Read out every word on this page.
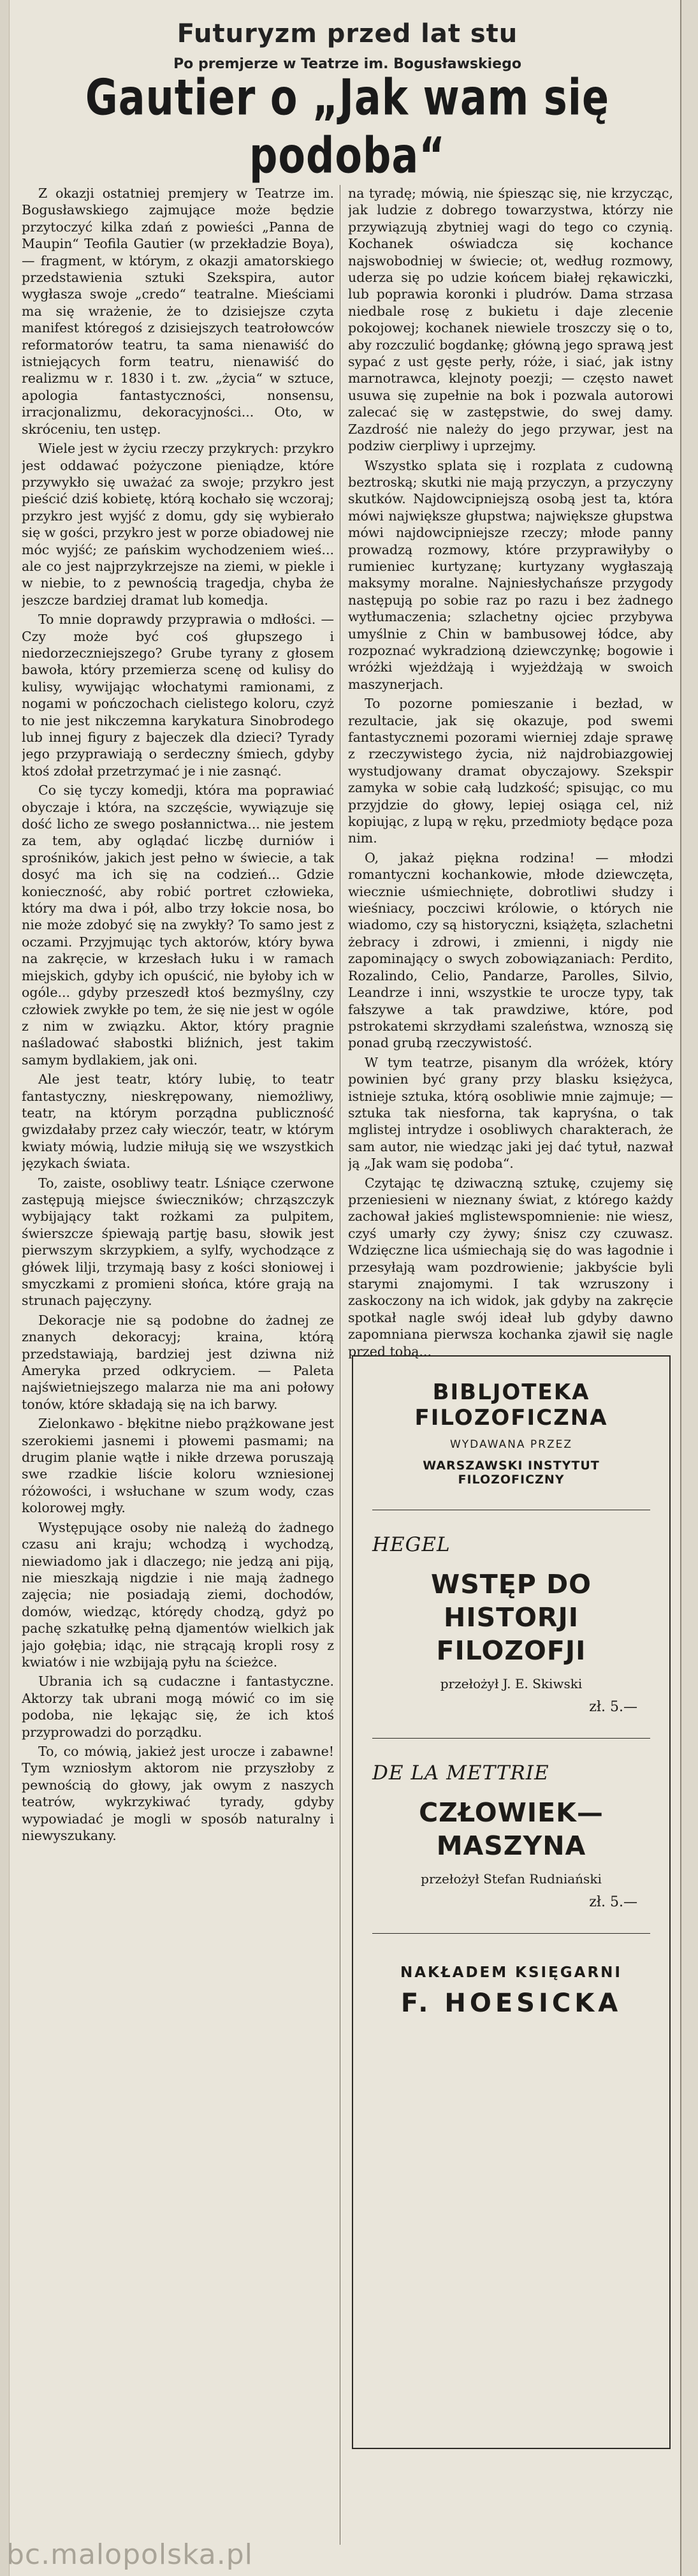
Futuryzm przed lat stu
Po premjerze w Teatrze im. Bogusławskiego
Gautier o „Jak wam się podoba“

Z okazji ostatniej premjery w Teatrze im. Bogusławskiego zajmujące może będzie przytoczyć kilka zdań z powieści „Panna de Maupin“ Teofila Gautier (w przekładzie Boya), — fragment, w którym, z okazji amatorskiego przedstawienia sztuki Szekspira, autor wygłasza swoje „credo“ teatralne. Mieściami ma się wrażenie, że to dzisiejsze czyta manifest któregoś z dzisiejszych teatrołowców reformatorów teatru, ta sama nienawiść do istniejących form teatru, nienawiść do realizmu w r. 1830 i t. zw. „życia“ w sztuce, apologia fantastyczności, nonsensu, irracjonalizmu, dekoracyjności... Oto, w skróceniu, ten ustęp.

Wiele jest w życiu rzeczy przykrych: przykro jest oddawać pożyczone pieniądze, które przywykło się uważać za swoje; przykro jest pieścić dziś kobietę, którą kochało się wczoraj; przykro jest wyjść z domu, gdy się wybierało się w gości, przykro jest w porze obiadowej nie móc wyjść; ze pańskim wychodzeniem wieś... ale co jest najprzykrzejsze na ziemi, w piekle i w niebie, to z pewnością tragedja, chyba że jeszcze bardziej dramat lub komedja.

To mnie doprawdy przyprawia o mdłości. — Czy może być coś głupszego i niedorzeczniejszego? Grube tyrany z głosem bawoła, który przemierza scenę od kulisy do kulisy, wywijając włochatymi ramionami, z nogami w pończochach cielistego koloru, czyż to nie jest nikczemna karykatura Sinobrodego lub innej figury z bajeczek dla dzieci? Tyrady jego przyprawiają o serdeczny śmiech, gdyby ktoś zdołał przetrzymać je i nie zasnąć.

Co się tyczy komedji, która ma poprawiać obyczaje i która, na szczęście, wywiązuje się dość licho ze swego posłannictwa... nie jestem za tem, aby oglądać liczbę durniów i sprośników, jakich jest pełno w świecie, a tak dosyć ma ich się na codzień... Gdzie konieczność, aby robić portret człowieka, który ma dwa i pół, albo trzy łokcie nosa, bo nie może zdobyć się na zwykły? To samo jest z oczami. Przyjmując tych aktorów, który bywa na zakręcie, w krzesłach łuku i w ramach miejskich, gdyby ich opuścić, nie byłoby ich w ogóle... gdyby przeszedł ktoś bezmyślny, czy człowiek zwykłe po tem, że się nie jest w ogóle z nim w związku. Aktor, który pragnie naśladować słabostki bliźnich, jest takim samym bydlakiem, jak oni.

Ale jest teatr, który lubię, to teatr fantastyczny, nieskrępowany, niemożliwy, teatr, na którym porządna publiczność gwizdałaby przez cały wieczór, teatr, w którym kwiaty mówią, ludzie miłują się we wszystkich językach świata.

To, zaiste, osobliwy teatr. Lśniące czerwone zastępują miejsce świeczników; chrząszczyk wybijający takt rożkami za pulpitem, świerszcze śpiewają partję basu, słowik jest pierwszym skrzypkiem, a sylfy, wychodzące z główek lilji, trzymają basy z kości słoniowej i smyczkami z promieni słońca, które grają na strunach pajęczyny.

Dekoracje nie są podobne do żadnej ze znanych dekoracyj; kraina, którą przedstawiają, bardziej jest dziwna niż Ameryka przed odkryciem. — Paleta najświetniejszego malarza nie ma ani połowy tonów, które składają się na ich barwy.

Zielonkawo - błękitne niebo prążkowane jest szerokiemi jasnemi i płowemi pasmami; na drugim planie wątłe i nikłe drzewa poruszają swe rzadkie liście koloru wzniesionej różowości, i wsłuchane w szum wody, czas kolorowej mgły.

Występujące osoby nie należą do żadnego czasu ani kraju; wchodzą i wychodzą, niewiadomo jak i dlaczego; nie jedzą ani piją, nie mieszkają nigdzie i nie mają żadnego zajęcia; nie posiadają ziemi, dochodów, domów, wiedząc, którędy chodzą, gdyż po pachę szkatułkę pełną djamentów wielkich jak jajo gołębia; idąc, nie strącają kropli rosy z kwiatów i nie wzbijają pyłu na ścieżce.

Ubrania ich są cudaczne i fantastyczne. Aktorzy tak ubrani mogą mówić co im się podoba, nie lękając się, że ich ktoś przyprowadzi do porządku.

To, co mówią, jakież jest urocze i zabawne! Tym wzniosłym aktorom nie przyszłoby z pewnością do głowy, jak owym z naszych teatrów, wykrzykiwać tyrady, gdyby wypowiadać je mogli w sposób naturalny i niewyszukany.

na tyradę; mówią, nie śpiesząc się, nie krzycząc, jak ludzie z dobrego towarzystwa, którzy nie przywiązują zbytniej wagi do tego co czynią. Kochanek oświadcza się kochance najswobodniej w świecie; ot, według rozmowy, uderza się po udzie końcem białej rękawiczki, lub poprawia koronki i pludrów. Dama strzasa niedbale rosę z bukietu i daje zlecenie pokojowej; kochanek niewiele troszczy się o to, aby rozczulić bogdankę; główną jego sprawą jest sypać z ust gęste perły, róże, i siać, jak istny marnotrawca, klejnoty poezji; — często nawet usuwa się zupełnie na bok i pozwala autorowi zalecać się w zastępstwie, do swej damy. Zazdrość nie należy do jego przywar, jest na podziw cierpliwy i uprzejmy.

Wszystko splata się i rozplata z cudowną beztroską; skutki nie mają przyczyn, a przyczyny skutków. Najdowcipniejszą osobą jest ta, która mówi największe głupstwa; największe głupstwa mówi najdowcipniejsze rzeczy; młode panny prowadzą rozmowy, które przyprawiłyby o rumieniec kurtyzanę; kurtyzany wygłaszają maksymy moralne. Najniesłychańsze przygody następują po sobie raz po razu i bez żadnego wytłumaczenia; szlachetny ojciec przybywa umyślnie z Chin w bambusowej łódce, aby rozpoznać wykradzioną dziewczynkę; bogowie i wróżki wjeżdżają i wyjeżdżają w swoich maszynerjach.

To pozorne pomieszanie i bezład, w rezultacie, jak się okazuje, pod swemi fantastycznemi pozorami wierniej zdaje sprawę z rzeczywistego życia, niż najdrobiazgowiej wystudjowany dramat obyczajowy. Szekspir zamyka w sobie całą ludzkość; spisując, co mu przyjdzie do głowy, lepiej osiąga cel, niż kopiując, z lupą w ręku, przedmioty będące poza nim.

O, jakaż piękna rodzina! — młodzi romantyczni kochankowie, młode dziewczęta, wiecznie uśmiechnięte, dobrotliwi słudzy i wieśniacy, poczciwi królowie, o których nie wiadomo, czy są historyczni, książęta, szlachetni żebracy i zdrowi, i zmienni, i nigdy nie zapominający o swych zobowiązaniach: Perdito, Rozalindo, Celio, Pandarze, Parolles, Silvio, Leandrze i inni, wszystkie te urocze typy, tak fałszywe a tak prawdziwe, które, pod pstrokatemi skrzydłami szaleństwa, wznoszą się ponad grubą rzeczywistość.

W tym teatrze, pisanym dla wróżek, który powinien być grany przy blasku księżyca, istnieje sztuka, którą osobliwie mnie zajmuje; — sztuka tak niesforna, tak kapryśna, o tak mglistej intrydze i osobliwych charakterach, że sam autor, nie wiedząc jaki jej dać tytuł, nazwał ją „Jak wam się podoba“.

Czytając tę dziwaczną sztukę, czujemy się przeniesieni w nieznany świat, z którego każdy zachował jakieś mglistewspomnienie: nie wiesz, czyś umarły czy żywy; śnisz czy czuwasz. Wdzięczne lica uśmiechają się do was łagodnie i przesyłają wam pozdrowienie; jakbyście byli starymi znajomymi. I tak wzruszony i zaskoczony na ich widok, jak gdyby na zakręcie spotkał nagle swój ideał lub gdyby dawno zapomniana pierwsza kochanka zjawił się nagle przed tobą...

BIBLJOTEKA FILOZOFICZNA
WYDAWANA PRZEZ
WARSZAWSKI INSTYTUT FILOZOFICZNY
HEGEL
WSTĘP DO HISTORJI FILOZOFJI
przełożył J. E. Skiwski
zł. 5.—
DE LA METTRIE
CZŁOWIEK—MASZYNA
przełożył Stefan Rudniański
zł. 5.—
NAKŁADEM KSIĘGARNI
F. HOESICKA
bc.malopolska.pl
